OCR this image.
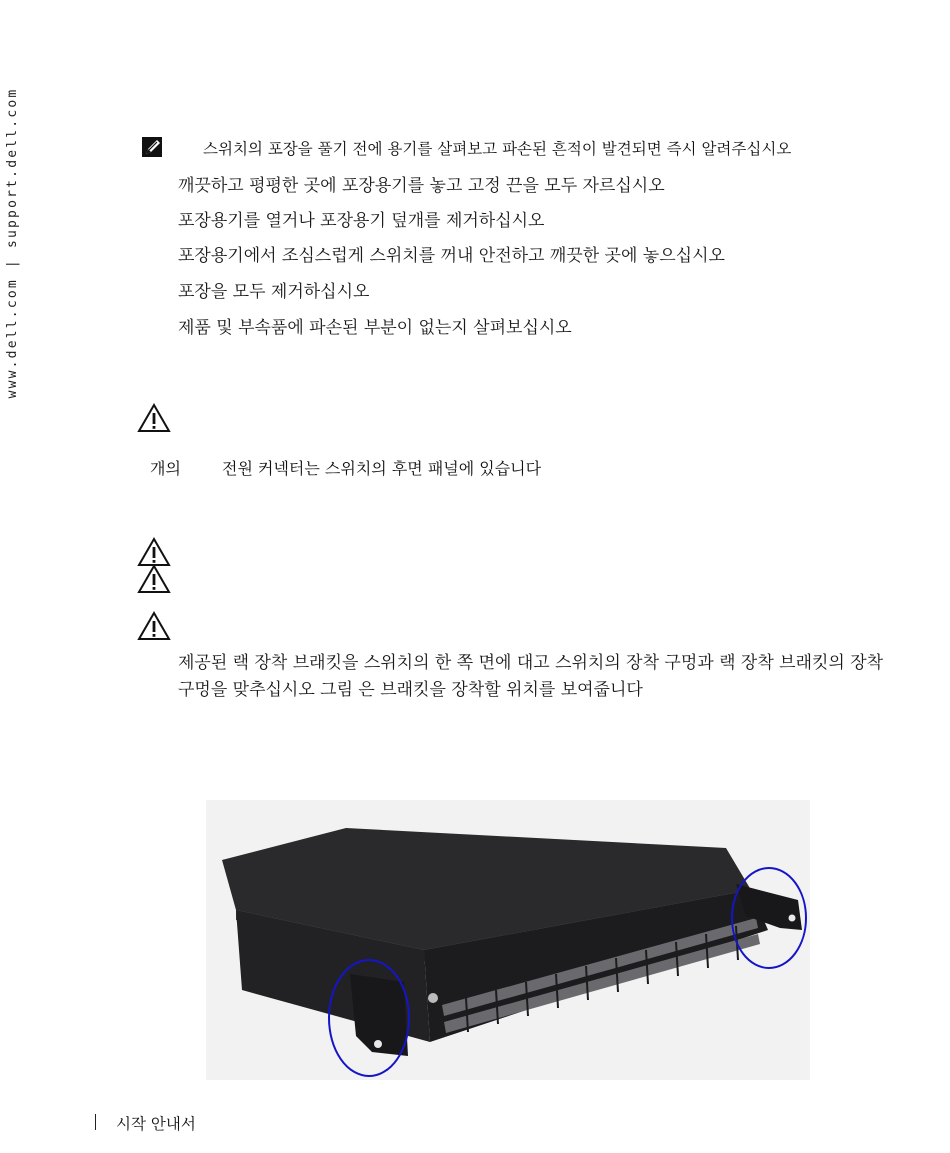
www.dell.com | support.dell.com	스위치의 포장을 풀기 전에 용기를 살펴보고 파손된 흔적이 발견되면 즉시 알려주십시오
깨끗하고 평평한 곳에 포장용기를 놓고 고정 끈을 모두 자르십시오
포장용기를 열거나 포장용기 덮개를 제거하십시오
포장용기에서 조심스럽게 스위치를 꺼내 안전하고 깨끗한 곳에 놓으십시오
포장을 모두 제거하십시오
제품 및 부속품에 파손된 부분이 없는지 살펴보십시오
개의	전원 커넥터는 스위치의 후면 패널에 있습니다
제공된 랙 장착 브래킷을 스위치의 한 쪽 면에 대고 스위치의 장착 구멍과 랙 장착 브래킷의 장착 구멍을 맞추십시오 그림 은 브래킷을 장착할 위치를 보여줍니다
시작 안내서
